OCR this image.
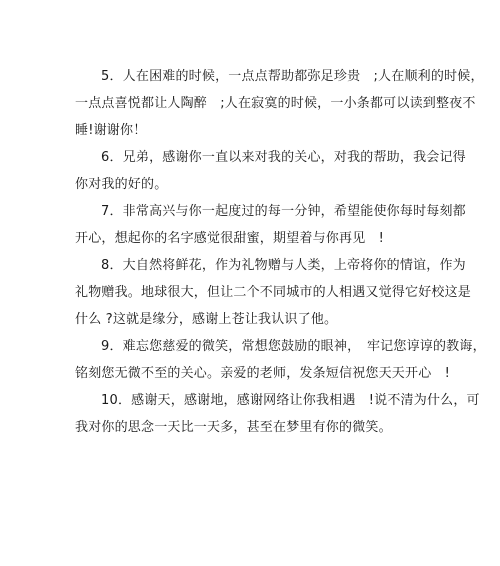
5．人在困难的时候，一点点帮助都弥足珍贵　;人在顺利的时候，
一点点喜悦都让人陶醉　;人在寂寞的时候，一小条都可以读到整夜不
睡!谢谢你！
6．兄弟，感谢你一直以来对我的关心，对我的帮助，我会记得
你对我的好的。
7．非常高兴与你一起度过的每一分钟，希望能使你每时每刻都
开心，想起你的名字感觉很甜蜜，期望着与你再见　!
8．大自然将鲜花，作为礼物赠与人类，上帝将你的情谊，作为
礼物赠我。地球很大，但让二个不同城市的人相遇又觉得它好校这是
什么 ?这就是缘分，感谢上苍让我认识了他。
9．难忘您慈爱的微笑，常想您鼓励的眼神，　牢记您谆谆的教诲，
铭刻您无微不至的关心。亲爱的老师，发条短信祝您天天开心　!
10．感谢天，感谢地，感谢网络让你我相遇　!说不清为什么，可
我对你的思念一天比一天多，甚至在梦里有你的微笑。
